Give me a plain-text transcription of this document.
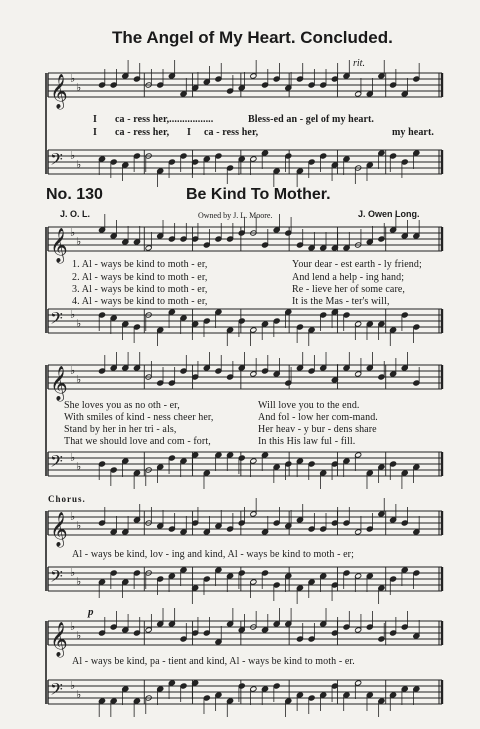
𝄞 ♭
♭
𝄢 ♭
♭
𝄞 ♭
♭
𝄢 ♭
♭
𝄞 ♭
♭
𝄢 ♭
♭
𝄞 ♭
♭
𝄢 ♭
♭
𝄞 ♭
♭
𝄢 ♭
♭
The Angel of My Heart. Concluded.
rit.
I ca - ress her,.................	Bless-ed an - gel of my heart.
I ca - ress her, I ca - ress her,	my heart.
No. 130	Be Kind To Mother.
J. O. L.	Owned by J. L. Moore.	J. Owen Long.
1. Al - ways be kind to moth - er,	Your dear - est earth - ly friend;
2. Al - ways be kind to moth - er,	And lend a help - ing hand;
3. Al - ways be kind to moth - er,	Re - lieve her of some care,
4. Al - ways be kind to moth - er,	It is the Mas - ter's will,
She loves you as no oth - er,	Will love you to the end.
With smiles of kind - ness cheer her,	And fol - low her com-mand.
Stand by her in her tri - als,	Her heav - y bur - dens share
That we should love and com - fort,	In this His law ful - fill.
Chorus.
Al - ways be kind, lov - ing and kind, Al - ways be kind to moth - er;
p
Al - ways be kind, pa - tient and kind, Al - ways be kind to moth - er.
